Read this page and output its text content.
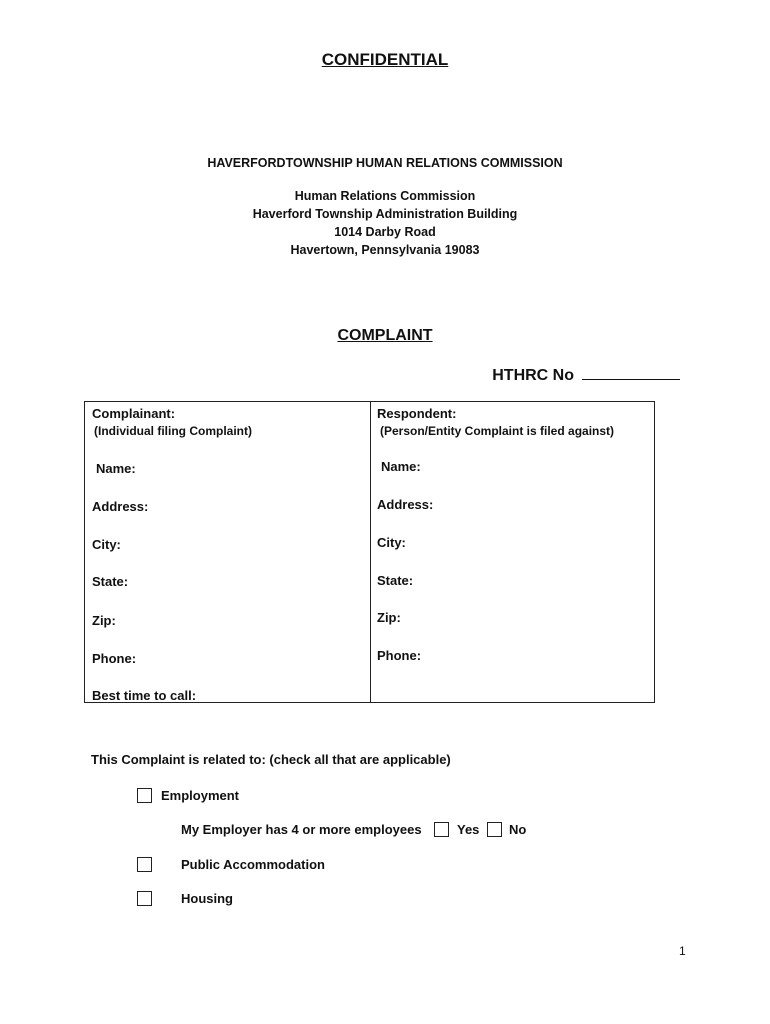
CONFIDENTIAL
HAVERFORDTOWNSHIP HUMAN RELATIONS COMMISSION
Human Relations Commission
Haverford Township Administration Building
1014 Darby Road
Havertown, Pennsylvania 19083
COMPLAINT
HTHRC No
Complainant:
(Individual filing Complaint)
Name:
Address:
City:
State:
Zip:
Phone:
Best time to call:
Respondent:
(Person/Entity Complaint is filed against)
Name:
Address:
City:
State:
Zip:
Phone:
This Complaint is related to: (check all that are applicable)
Employment
My Employer has 4 or more employees	Yes No
Public Accommodation
Housing
1
